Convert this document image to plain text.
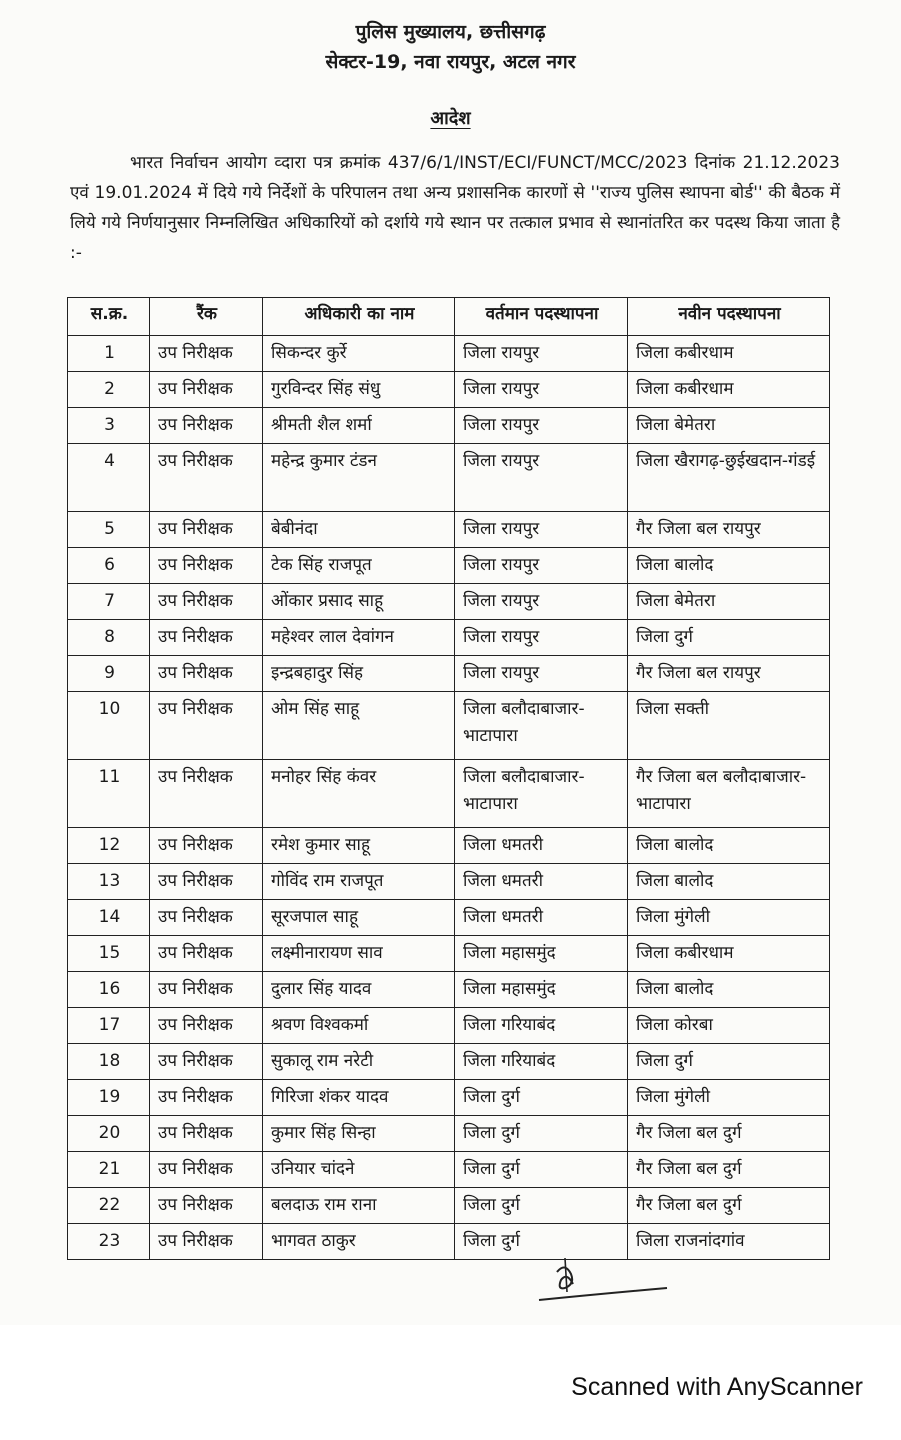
पुलिस मुख्यालय, छत्तीसगढ़
सेक्टर-19, नवा रायपुर, अटल नगर
आदेश

भारत निर्वाचन आयोग व्दारा पत्र क्रमांक 437/6/1/INST/ECI/FUNCT/MCC/2023 दिनांक 21.12.2023 एवं 19.01.2024 में दिये गये निर्देशों के परिपालन तथा अन्य प्रशासनिक कारणों से ''राज्य पुलिस स्थापना बोर्ड'' की बैठक में लिये गये निर्णयानुसार निम्नलिखित अधिकारियों को दर्शाये गये स्थान पर तत्काल प्रभाव से स्थानांतरित कर पदस्थ किया जाता है :-

स.क्र.	रैंक	अधिकारी का नाम	वर्तमान पदस्थापना	नवीन पदस्थापना
1	उप निरीक्षक	सिकन्दर कुर्रे	जिला रायपुर	जिला कबीरधाम
2	उप निरीक्षक	गुरविन्दर सिंह संधु	जिला रायपुर	जिला कबीरधाम
3	उप निरीक्षक	श्रीमती शैल शर्मा	जिला रायपुर	जिला बेमेतरा
4	उप निरीक्षक	महेन्द्र कुमार टंडन	जिला रायपुर	जिला खैरागढ़-छुईखदान-गंडई
5	उप निरीक्षक	बेबीनंदा	जिला रायपुर	गैर जिला बल रायपुर
6	उप निरीक्षक	टेक सिंह राजपूत	जिला रायपुर	जिला बालोद
7	उप निरीक्षक	ओंकार प्रसाद साहू	जिला रायपुर	जिला बेमेतरा
8	उप निरीक्षक	महेश्वर लाल देवांगन	जिला रायपुर	जिला दुर्ग
9	उप निरीक्षक	इन्द्रबहादुर सिंह	जिला रायपुर	गैर जिला बल रायपुर
10	उप निरीक्षक	ओम सिंह साहू	जिला बलौदाबाजार-भाटापारा	जिला सक्ती
11	उप निरीक्षक	मनोहर सिंह कंवर	जिला बलौदाबाजार-भाटापारा	गैर जिला बल बलौदाबाजार- भाटापारा
12	उप निरीक्षक	रमेश कुमार साहू	जिला धमतरी	जिला बालोद
13	उप निरीक्षक	गोविंद राम राजपूत	जिला धमतरी	जिला बालोद
14	उप निरीक्षक	सूरजपाल साहू	जिला धमतरी	जिला मुंगेली
15	उप निरीक्षक	लक्ष्मीनारायण साव	जिला महासमुंद	जिला कबीरधाम
16	उप निरीक्षक	दुलार सिंह यादव	जिला महासमुंद	जिला बालोद
17	उप निरीक्षक	श्रवण विश्वकर्मा	जिला गरियाबंद	जिला कोरबा
18	उप निरीक्षक	सुकालू राम नरेटी	जिला गरियाबंद	जिला दुर्ग
19	उप निरीक्षक	गिरिजा शंकर यादव	जिला दुर्ग	जिला मुंगेली
20	उप निरीक्षक	कुमार सिंह सिन्हा	जिला दुर्ग	गैर जिला बल दुर्ग
21	उप निरीक्षक	उनियार चांदने	जिला दुर्ग	गैर जिला बल दुर्ग
22	उप निरीक्षक	बलदाऊ राम राना	जिला दुर्ग	गैर जिला बल दुर्ग
23	उप निरीक्षक	भागवत ठाकुर	जिला दुर्ग	जिला राजनांदगांव
Scanned with AnyScanner
